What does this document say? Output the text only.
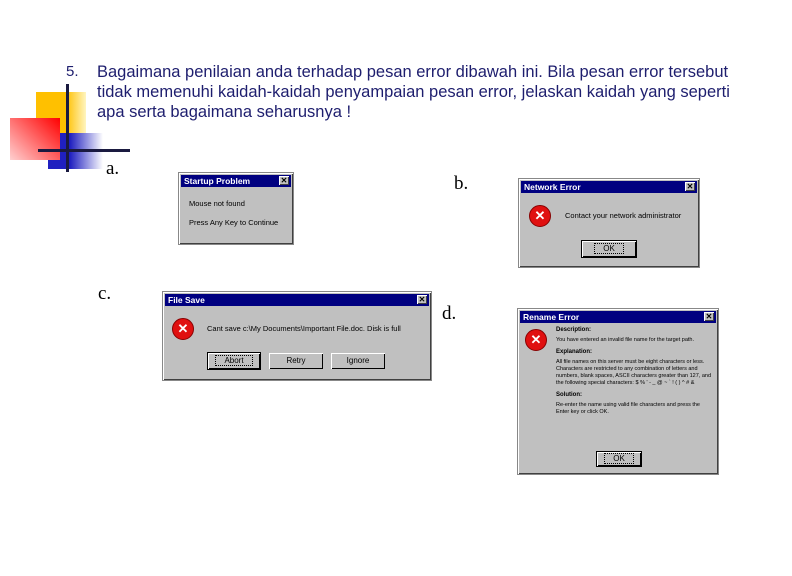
5. Bagaimana penilaian anda terhadap pesan error dibawah ini. Bila pesan error tersebut tidak memenuhi kaidah-kaidah penyampaian pesan error, jelaskan kaidah yang seperti apa serta bagaimana seharusnya !
a.
b.
c.
d.
Startup Problem	✕
Mouse not found
Press Any Key to Continue
Network Error	✕
✕	Contact your network administrator
OK
File Save	✕
✕	Cant save c:\My Documents\Important File.doc. Disk is full
Abort	Retry	Ignore
Rename Error	✕
✕
Description:
You have entered an invalid file name for the target path.
Explanation:
All file names on this server must be eight characters or less. Characters are restricted to any combination of letters and numbers, blank spaces, ASCII characters greater than 127, and the following special characters: $ % ' - _ @ ~ ` ! ( ) ^ # &
Solution:
Re-enter the name using valid file characters and press the Enter key or click OK.
OK
